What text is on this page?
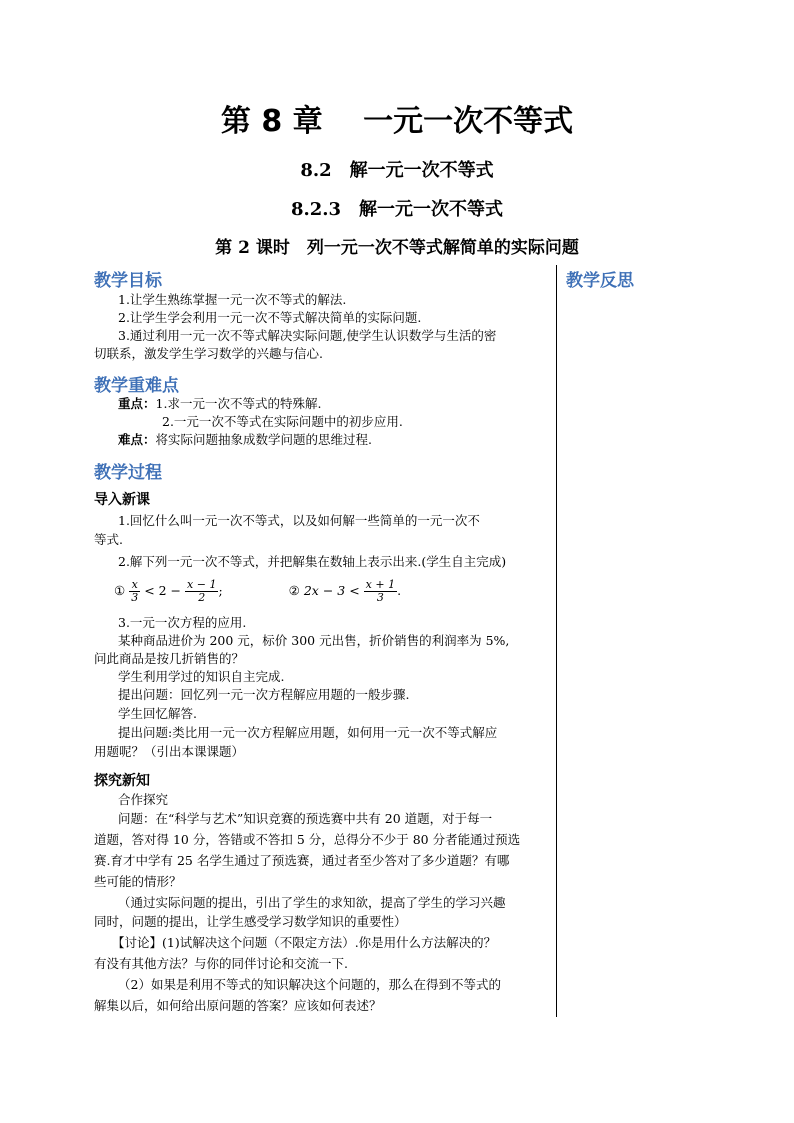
第 8 章　 一元一次不等式
8.2　解一元一次不等式
8.2.3　解一元一次不等式
第 2 课时　列一元一次不等式解简单的实际问题
教学反思
教学目标
1.让学生熟练掌握一元一次不等式的解法.
2.让学生学会利用一元一次不等式解决简单的实际问题.
3.通过利用一元一次不等式解决实际问题,使学生认识数学与生活的密
切联系，激发学生学习数学的兴趣与信心.
教学重难点
重点：1.求一元一次不等式的特殊解.
2.一元一次不等式在实际问题中的初步应用.
难点：将实际问题抽象成数学问题的思维过程.
教学过程
导入新课
1.回忆什么叫一元一次不等式，以及如何解一些简单的一元一次不
等式.
2.解下列一元一次不等式，并把解集在数轴上表示出来.(学生自主完成)
① $\frac{x}{3} < 2 - \frac{x - 1}{2}$ ;	② $2x - 3 < \frac{x + 1}{3}$ .
3.一元一次方程的应用.
某种商品进价为 200 元，标价 300 元出售，折价销售的利润率为 5%,
问此商品是按几折销售的？
学生利用学过的知识自主完成.
提出问题：回忆列一元一次方程解应用题的一般步骤.
学生回忆解答.
提出问题:类比用一元一次方程解应用题，如何用一元一次不等式解应
用题呢？（引出本课课题）
探究新知
合作探究
问题：在“科学与艺术”知识竞赛的预选赛中共有 20 道题，对于每一
道题，答对得 10 分，答错或不答扣 5 分，总得分不少于 80 分者能通过预选
赛.育才中学有 25 名学生通过了预选赛，通过者至少答对了多少道题？有哪
些可能的情形？
（通过实际问题的提出，引出了学生的求知欲，提高了学生的学习兴趣
同时，问题的提出，让学生感受学习数学知识的重要性）
【讨论】(1)试解决这个问题（不限定方法）.你是用什么方法解决的？
有没有其他方法？与你的同伴讨论和交流一下.
（2）如果是利用不等式的知识解决这个问题的，那么在得到不等式的
解集以后，如何给出原问题的答案？应该如何表述？
